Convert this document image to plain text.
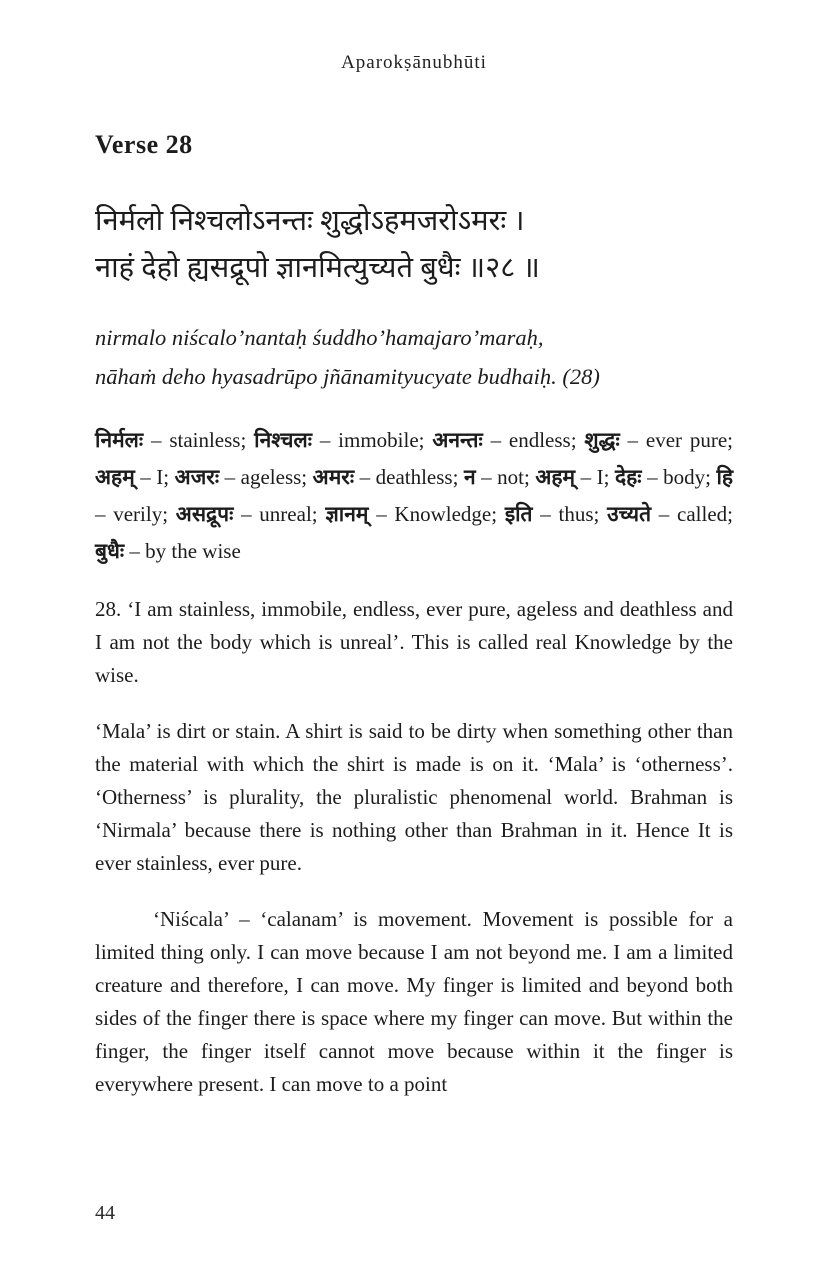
Aparokṣānubhūti
Verse 28
निर्मलो निश्चलोऽनन्तः शुद्धोऽहमजरोऽमरः ।
नाहं देहो ह्यसद्रूपो ज्ञानमित्युच्यते बुधैः ॥२८ ॥
nirmalo niścalo’nantaḥ śuddho’hamajaro’maraḥ,
nāhaṁ deho hyasadrūpo jñānamityucyate budhaiḥ. (28)
निर्मलः – stainless; निश्चलः – immobile; अनन्तः – endless; शुद्धः – ever pure; अहम् – I; अजरः – ageless; अमरः – deathless; न – not; अहम् – I; देहः – body; हि – verily; असद्रूपः – unreal; ज्ञानम् – Knowledge; इति – thus; उच्यते – called; बुधैः – by the wise

28. ‘I am stainless, immobile, endless, ever pure, ageless and deathless and I am not the body which is unreal’. This is called real Knowledge by the wise.

‘Mala’ is dirt or stain. A shirt is said to be dirty when something other than the material with which the shirt is made is on it. ‘Mala’ is ‘otherness’. ‘Otherness’ is plurality, the pluralistic phenomenal world. Brahman is ‘Nirmala’ because there is nothing other than Brahman in it. Hence It is ever stainless, ever pure.

‘Niścala’ – ‘calanam’ is movement. Movement is possible for a limited thing only. I can move because I am not beyond me. I am a limited creature and therefore, I can move. My finger is limited and beyond both sides of the finger there is space where my finger can move. But within the finger, the finger itself cannot move because within it the finger is everywhere present. I can move to a point

44
